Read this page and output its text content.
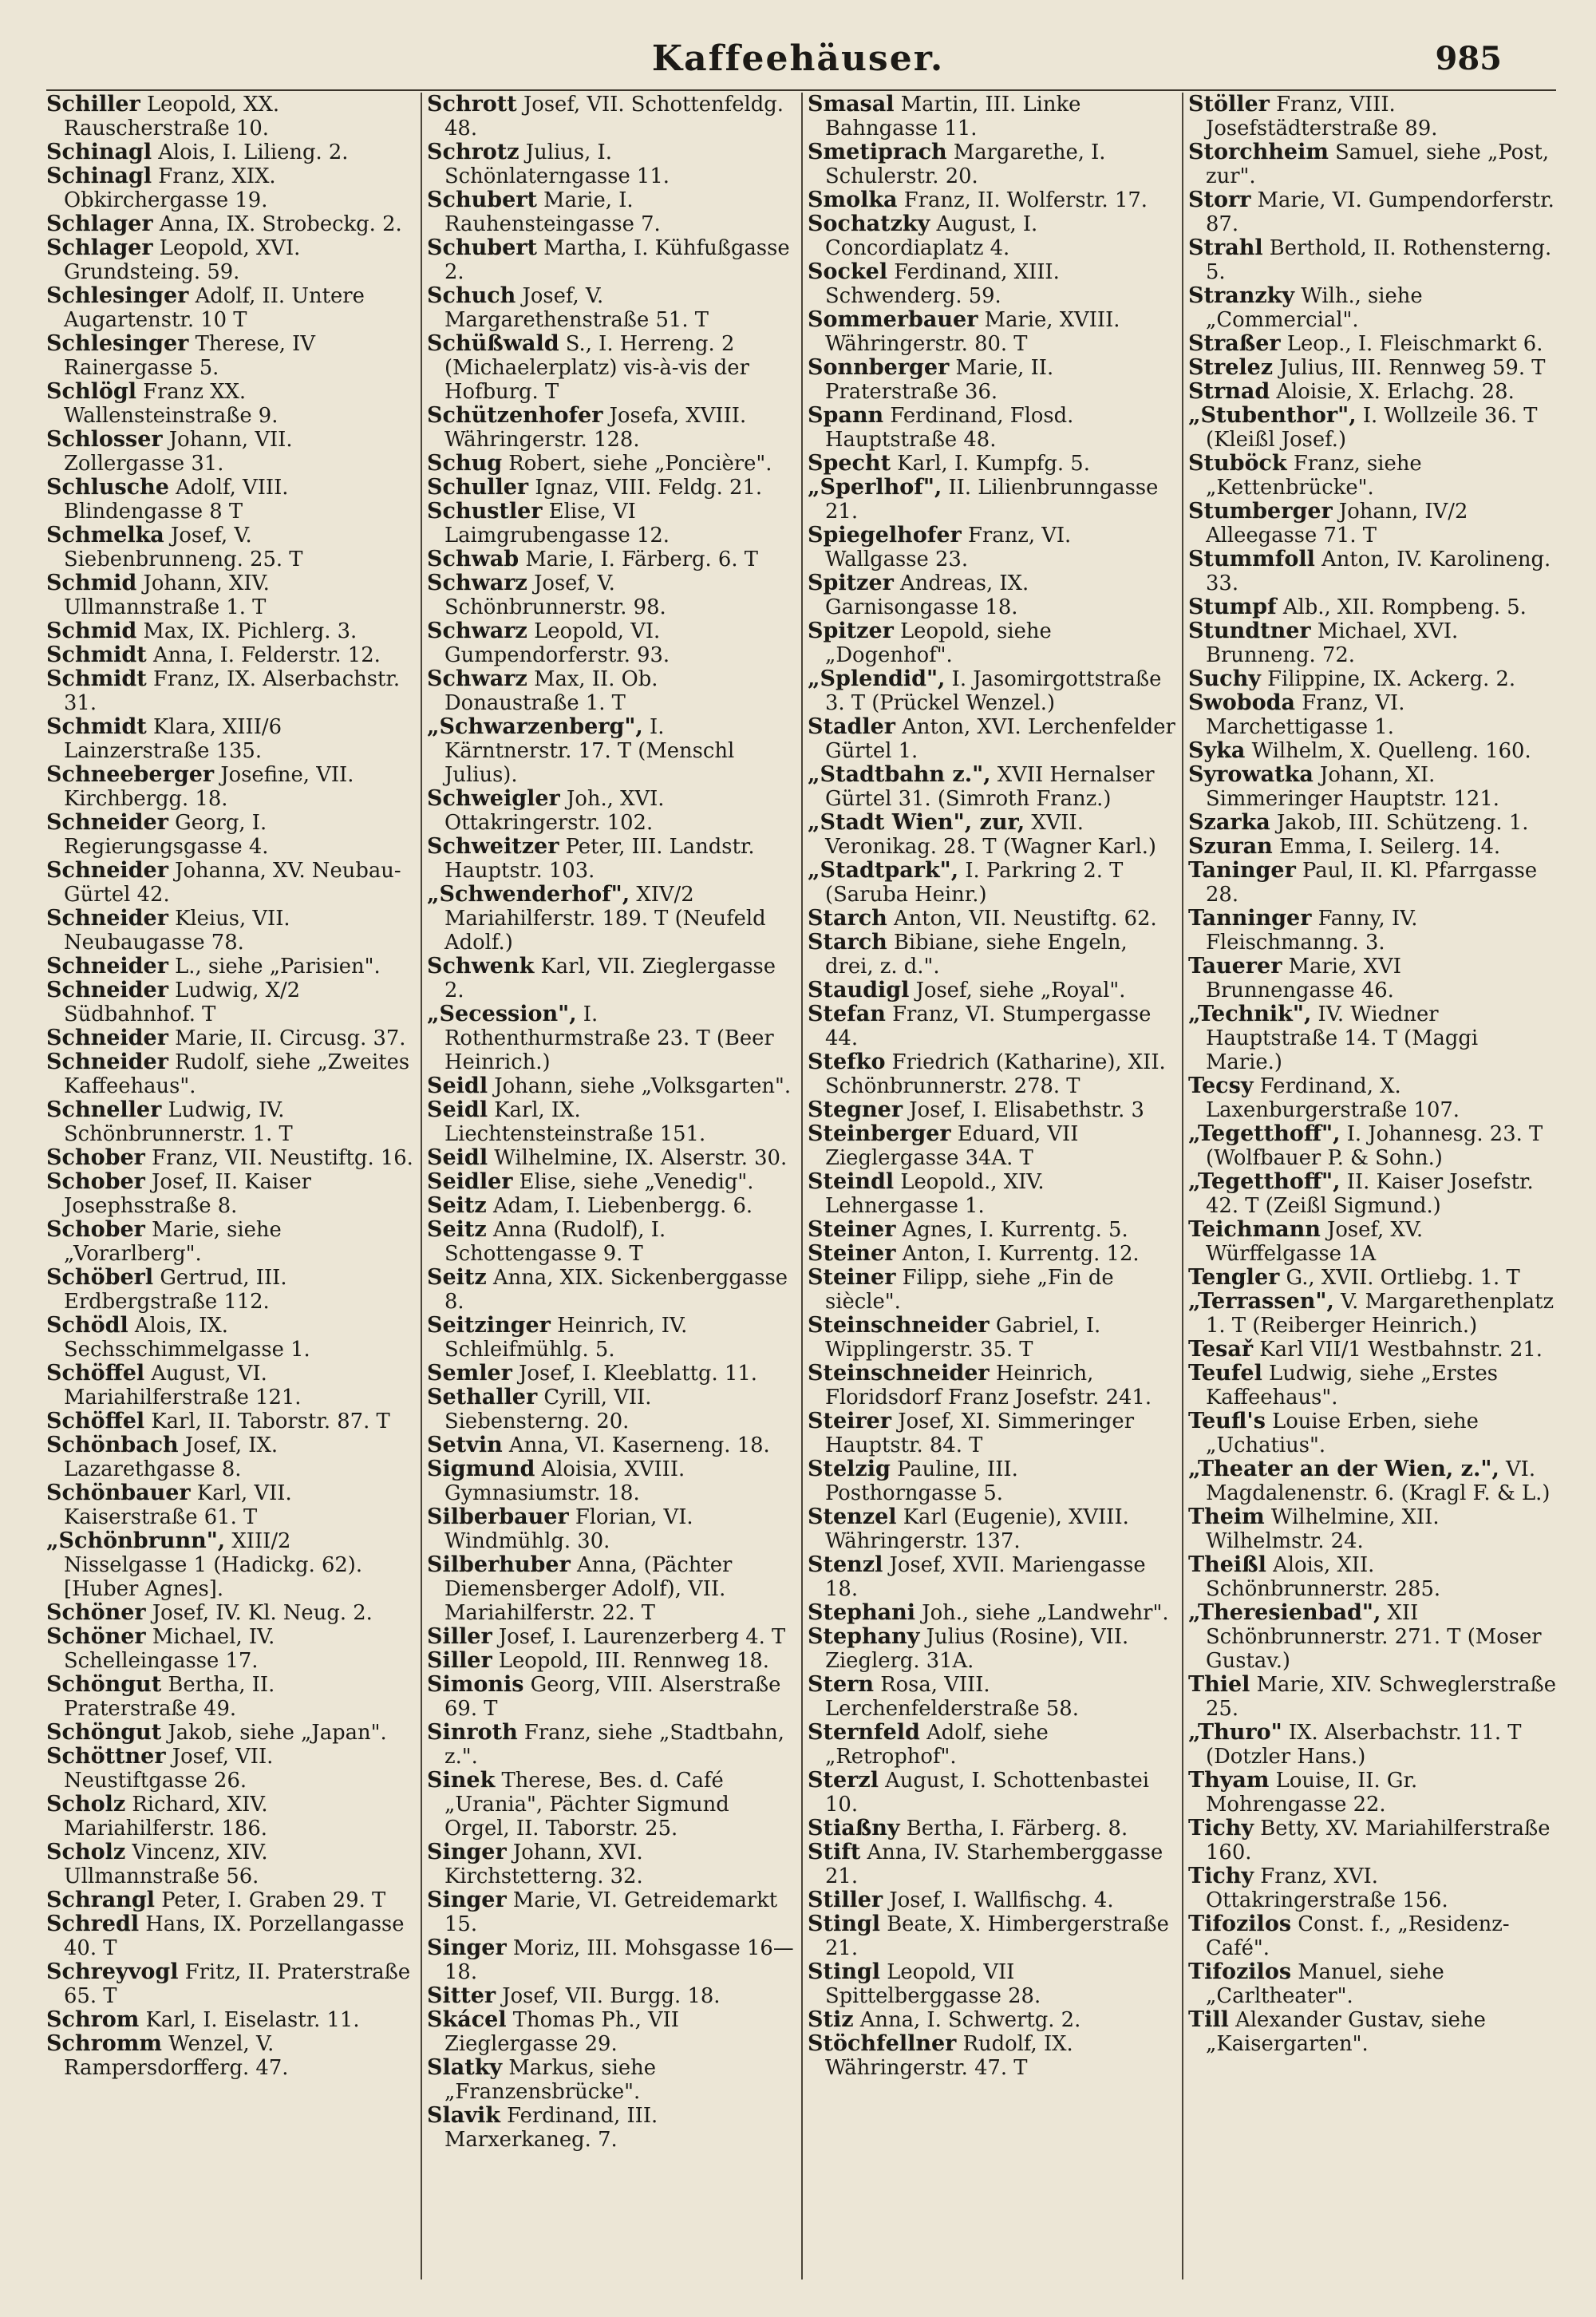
Kaffeehäuser.	985

Schiller Leopold, XX. Rauscherstraße 10.

Schinagl Alois, I. Lilieng. 2.

Schinagl Franz, XIX. Obkirchergasse 19.

Schlager Anna, IX. Strobeckg. 2.

Schlager Leopold, XVI. Grundsteing. 59.

Schlesinger Adolf, II. Untere Augartenstr. 10 T

Schlesinger Therese, IV Rainergasse 5.

Schlögl Franz XX. Wallensteinstraße 9.

Schlosser Johann, VII. Zollergasse 31.

Schlusche Adolf, VIII. Blindengasse 8 T

Schmelka Josef, V. Siebenbrunneng. 25. T

Schmid Johann, XIV. Ullmannstraße 1. T

Schmid Max, IX. Pichlerg. 3.

Schmidt Anna, I. Felderstr. 12.

Schmidt Franz, IX. Alserbachstr. 31.

Schmidt Klara, XIII/6 Lainzerstraße 135.

Schneeberger Josefine, VII. Kirchbergg. 18.

Schneider Georg, I. Regierungsgasse 4.

Schneider Johanna, XV. Neubau-Gürtel 42.

Schneider Kleius, VII. Neubaugasse 78.

Schneider L., siehe „Parisien".

Schneider Ludwig, X/2 Südbahnhof. T

Schneider Marie, II. Circusg. 37.

Schneider Rudolf, siehe „Zweites Kaffeehaus".

Schneller Ludwig, IV. Schönbrunnerstr. 1. T

Schober Franz, VII. Neustiftg. 16.

Schober Josef, II. Kaiser Josephsstraße 8.

Schober Marie, siehe „Vorarlberg".

Schöberl Gertrud, III. Erdbergstraße 112.

Schödl Alois, IX. Sechsschimmelgasse 1.

Schöffel August, VI. Mariahilferstraße 121.

Schöffel Karl, II. Taborstr. 87. T

Schönbach Josef, IX. Lazarethgasse 8.

Schönbauer Karl, VII. Kaiserstraße 61. T

„Schönbrunn", XIII/2 Nisselgasse 1 (Hadickg. 62). [Huber Agnes].

Schöner Josef, IV. Kl. Neug. 2.

Schöner Michael, IV. Schelleingasse 17.

Schöngut Bertha, II. Praterstraße 49.

Schöngut Jakob, siehe „Japan".

Schöttner Josef, VII. Neustiftgasse 26.

Scholz Richard, XIV. Mariahilferstr. 186.

Scholz Vincenz, XIV. Ullmannstraße 56.

Schrangl Peter, I. Graben 29. T

Schredl Hans, IX. Porzellangasse 40. T

Schreyvogl Fritz, II. Praterstraße 65. T

Schrom Karl, I. Eiselastr. 11.

Schromm Wenzel, V. Rampersdorfferg. 47.

Schrott Josef, VII. Schottenfeldg. 48.

Schrotz Julius, I. Schönlaterngasse 11.

Schubert Marie, I. Rauhensteingasse 7.

Schubert Martha, I. Kühfußgasse 2.

Schuch Josef, V. Margarethenstraße 51. T

Schüßwald S., I. Herreng. 2 (Michaelerplatz) vis-à-vis der Hofburg. T

Schützenhofer Josefa, XVIII. Währingerstr. 128.

Schug Robert, siehe „Poncière".

Schuller Ignaz, VIII. Feldg. 21.

Schustler Elise, VI Laimgrubengasse 12.

Schwab Marie, I. Färberg. 6. T

Schwarz Josef, V. Schönbrunnerstr. 98.

Schwarz Leopold, VI. Gumpendorferstr. 93.

Schwarz Max, II. Ob. Donaustraße 1. T

„Schwarzenberg", I. Kärntnerstr. 17. T (Menschl Julius).

Schweigler Joh., XVI. Ottakringerstr. 102.

Schweitzer Peter, III. Landstr. Hauptstr. 103.

„Schwenderhof", XIV/2 Mariahilferstr. 189. T (Neufeld Adolf.)

Schwenk Karl, VII. Zieglergasse 2.

„Secession", I. Rothenthurmstraße 23. T (Beer Heinrich.)

Seidl Johann, siehe „Volksgarten".

Seidl Karl, IX. Liechtensteinstraße 151.

Seidl Wilhelmine, IX. Alserstr. 30.

Seidler Elise, siehe „Venedig".

Seitz Adam, I. Liebenbergg. 6.

Seitz Anna (Rudolf), I. Schottengasse 9. T

Seitz Anna, XIX. Sickenberggasse 8.

Seitzinger Heinrich, IV. Schleifmühlg. 5.

Semler Josef, I. Kleeblattg. 11.

Sethaller Cyrill, VII. Siebensterng. 20.

Setvin Anna, VI. Kaserneng. 18.

Sigmund Aloisia, XVIII. Gymnasiumstr. 18.

Silberbauer Florian, VI. Windmühlg. 30.

Silberhuber Anna, (Pächter Diemensberger Adolf), VII. Mariahilferstr. 22. T

Siller Josef, I. Laurenzerberg 4. T

Siller Leopold, III. Rennweg 18.

Simonis Georg, VIII. Alserstraße 69. T

Sinroth Franz, siehe „Stadtbahn, z.".

Sinek Therese, Bes. d. Café „Urania", Pächter Sigmund Orgel, II. Taborstr. 25.

Singer Johann, XVI. Kirchstetterng. 32.

Singer Marie, VI. Getreidemarkt 15.

Singer Moriz, III. Mohsgasse 16—18.

Sitter Josef, VII. Burgg. 18.

Skácel Thomas Ph., VII Zieglergasse 29.

Slatky Markus, siehe „Franzensbrücke".

Slavik Ferdinand, III. Marxerkaneg. 7.

Smasal Martin, III. Linke Bahngasse 11.

Smetiprach Margarethe, I. Schulerstr. 20.

Smolka Franz, II. Wolferstr. 17.

Sochatzky August, I. Concordiaplatz 4.

Sockel Ferdinand, XIII. Schwenderg. 59.

Sommerbauer Marie, XVIII. Währingerstr. 80. T

Sonnberger Marie, II. Praterstraße 36.

Spann Ferdinand, Flosd. Hauptstraße 48.

Specht Karl, I. Kumpfg. 5.

„Sperlhof", II. Lilienbrunngasse 21.

Spiegelhofer Franz, VI. Wallgasse 23.

Spitzer Andreas, IX. Garnisongasse 18.

Spitzer Leopold, siehe „Dogenhof".

„Splendid", I. Jasomirgottstraße 3. T (Prückel Wenzel.)

Stadler Anton, XVI. Lerchenfelder Gürtel 1.

„Stadtbahn z.", XVII Hernalser Gürtel 31. (Simroth Franz.)

„Stadt Wien", zur, XVII. Veronikag. 28. T (Wagner Karl.)

„Stadtpark", I. Parkring 2. T (Saruba Heinr.)

Starch Anton, VII. Neustiftg. 62.

Starch Bibiane, siehe Engeln, drei, z. d.".

Staudigl Josef, siehe „Royal".

Stefan Franz, VI. Stumpergasse 44.

Stefko Friedrich (Katharine), XII. Schönbrunnerstr. 278. T

Stegner Josef, I. Elisabethstr. 3

Steinberger Eduard, VII Zieglergasse 34A. T

Steindl Leopold., XIV. Lehnergasse 1.

Steiner Agnes, I. Kurrentg. 5.

Steiner Anton, I. Kurrentg. 12.

Steiner Filipp, siehe „Fin de siècle".

Steinschneider Gabriel, I. Wipplingerstr. 35. T

Steinschneider Heinrich, Floridsdorf Franz Josefstr. 241.

Steirer Josef, XI. Simmeringer Hauptstr. 84. T

Stelzig Pauline, III. Posthorngasse 5.

Stenzel Karl (Eugenie), XVIII. Währingerstr. 137.

Stenzl Josef, XVII. Mariengasse 18.

Stephani Joh., siehe „Landwehr".

Stephany Julius (Rosine), VII. Zieglerg. 31A.

Stern Rosa, VIII. Lerchenfelderstraße 58.

Sternfeld Adolf, siehe „Retrophof".

Sterzl August, I. Schottenbastei 10.

Stiaßny Bertha, I. Färberg. 8.

Stift Anna, IV. Starhemberggasse 21.

Stiller Josef, I. Wallfischg. 4.

Stingl Beate, X. Himbergerstraße 21.

Stingl Leopold, VII Spittelberggasse 28.

Stiz Anna, I. Schwertg. 2.

Stöchfellner Rudolf, IX. Währingerstr. 47. T

Stöller Franz, VIII. Josefstädterstraße 89.

Storchheim Samuel, siehe „Post, zur".

Storr Marie, VI. Gumpendorferstr. 87.

Strahl Berthold, II. Rothensterng. 5.

Stranzky Wilh., siehe „Commercial".

Straßer Leop., I. Fleischmarkt 6.

Strelez Julius, III. Rennweg 59. T

Strnad Aloisie, X. Erlachg. 28.

„Stubenthor", I. Wollzeile 36. T (Kleißl Josef.)

Stuböck Franz, siehe „Kettenbrücke".

Stumberger Johann, IV/2 Alleegasse 71. T

Stummfoll Anton, IV. Karolineng. 33.

Stumpf Alb., XII. Rompbeng. 5.

Stundtner Michael, XVI. Brunneng. 72.

Suchy Filippine, IX. Ackerg. 2.

Swoboda Franz, VI. Marchettigasse 1.

Syka Wilhelm, X. Quelleng. 160.

Syrowatka Johann, XI. Simmeringer Hauptstr. 121.

Szarka Jakob, III. Schützeng. 1.

Szuran Emma, I. Seilerg. 14.

Taninger Paul, II. Kl. Pfarrgasse 28.

Tanninger Fanny, IV. Fleischmanng. 3.

Tauerer Marie, XVI Brunnengasse 46.

„Technik", IV. Wiedner Hauptstraße 14. T (Maggi Marie.)

Tecsy Ferdinand, X. Laxenburgerstraße 107.

„Tegetthoff", I. Johannesg. 23. T (Wolfbauer P. & Sohn.)

„Tegetthoff", II. Kaiser Josefstr. 42. T (Zeißl Sigmund.)

Teichmann Josef, XV. Würffelgasse 1A

Tengler G., XVII. Ortliebg. 1. T

„Terrassen", V. Margarethenplatz 1. T (Reiberger Heinrich.)

Tesař Karl VII/1 Westbahnstr. 21.

Teufel Ludwig, siehe „Erstes Kaffeehaus".

Teufl's Louise Erben, siehe „Uchatius".

„Theater an der Wien, z.", VI. Magdalenenstr. 6. (Kragl F. & L.)

Theim Wilhelmine, XII. Wilhelmstr. 24.

Theißl Alois, XII. Schönbrunnerstr. 285.

„Theresienbad", XII Schönbrunnerstr. 271. T (Moser Gustav.)

Thiel Marie, XIV. Schweglerstraße 25.

„Thuro" IX. Alserbachstr. 11. T (Dotzler Hans.)

Thyam Louise, II. Gr. Mohrengasse 22.

Tichy Betty, XV. Mariahilferstraße 160.

Tichy Franz, XVI. Ottakringerstraße 156.

Tifozilos Const. f., „Residenz-Café".

Tifozilos Manuel, siehe „Carltheater".

Till Alexander Gustav, siehe „Kaisergarten".
